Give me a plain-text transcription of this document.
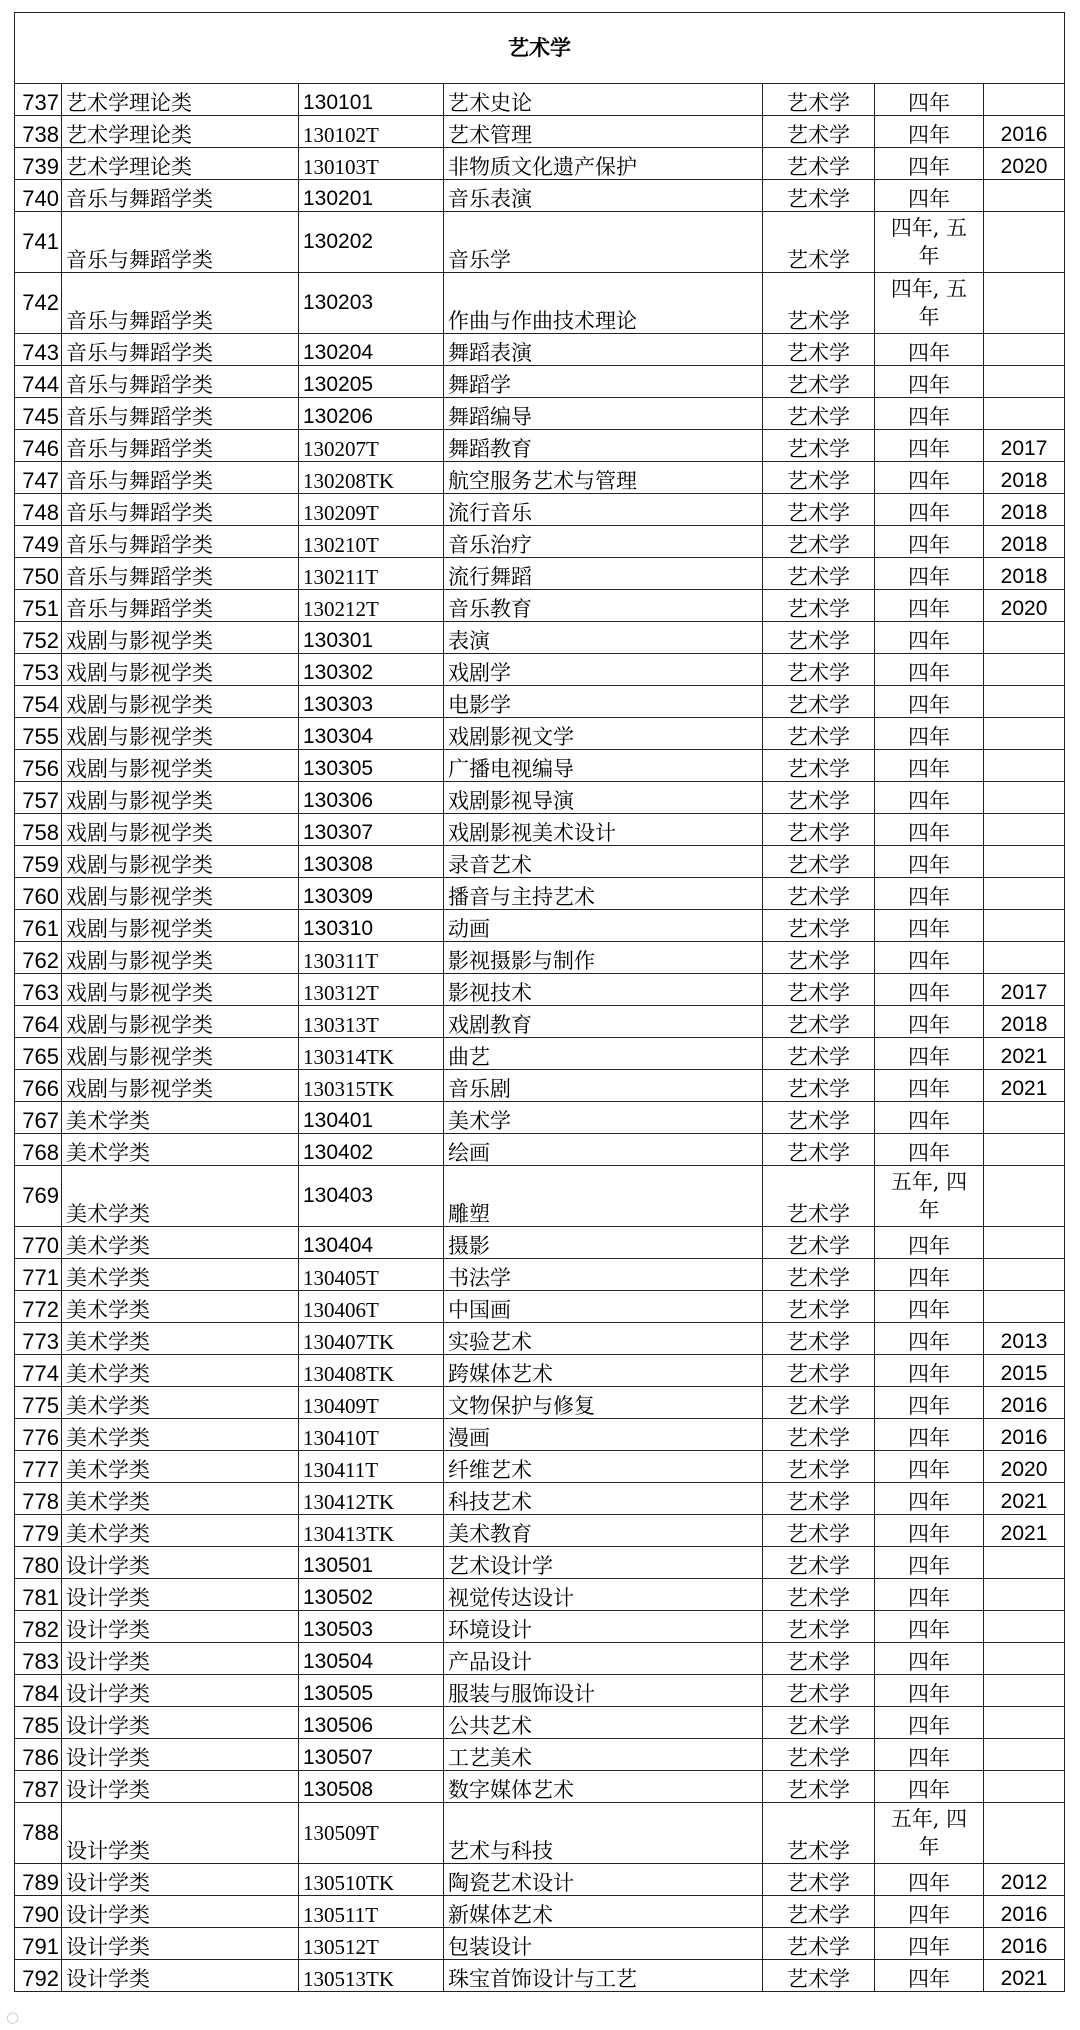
艺术学						
737	艺术学理论类	130101	艺术史论	艺术学	四年	
738	艺术学理论类	130102T	艺术管理	艺术学	四年	2016
739	艺术学理论类	130103T	非物质文化遗产保护	艺术学	四年	2020
740	音乐与舞蹈学类	130201	音乐表演	艺术学	四年	
741	音乐与舞蹈学类	130202	音乐学	艺术学	四年, 五年	
742	音乐与舞蹈学类	130203	作曲与作曲技术理论	艺术学	四年, 五年	
743	音乐与舞蹈学类	130204	舞蹈表演	艺术学	四年	
744	音乐与舞蹈学类	130205	舞蹈学	艺术学	四年	
745	音乐与舞蹈学类	130206	舞蹈编导	艺术学	四年	
746	音乐与舞蹈学类	130207T	舞蹈教育	艺术学	四年	2017
747	音乐与舞蹈学类	130208TK	航空服务艺术与管理	艺术学	四年	2018
748	音乐与舞蹈学类	130209T	流行音乐	艺术学	四年	2018
749	音乐与舞蹈学类	130210T	音乐治疗	艺术学	四年	2018
750	音乐与舞蹈学类	130211T	流行舞蹈	艺术学	四年	2018
751	音乐与舞蹈学类	130212T	音乐教育	艺术学	四年	2020
752	戏剧与影视学类	130301	表演	艺术学	四年	
753	戏剧与影视学类	130302	戏剧学	艺术学	四年	
754	戏剧与影视学类	130303	电影学	艺术学	四年	
755	戏剧与影视学类	130304	戏剧影视文学	艺术学	四年	
756	戏剧与影视学类	130305	广播电视编导	艺术学	四年	
757	戏剧与影视学类	130306	戏剧影视导演	艺术学	四年	
758	戏剧与影视学类	130307	戏剧影视美术设计	艺术学	四年	
759	戏剧与影视学类	130308	录音艺术	艺术学	四年	
760	戏剧与影视学类	130309	播音与主持艺术	艺术学	四年	
761	戏剧与影视学类	130310	动画	艺术学	四年	
762	戏剧与影视学类	130311T	影视摄影与制作	艺术学	四年	
763	戏剧与影视学类	130312T	影视技术	艺术学	四年	2017
764	戏剧与影视学类	130313T	戏剧教育	艺术学	四年	2018
765	戏剧与影视学类	130314TK	曲艺	艺术学	四年	2021
766	戏剧与影视学类	130315TK	音乐剧	艺术学	四年	2021
767	美术学类	130401	美术学	艺术学	四年	
768	美术学类	130402	绘画	艺术学	四年	
769	美术学类	130403	雕塑	艺术学	五年, 四年	
770	美术学类	130404	摄影	艺术学	四年	
771	美术学类	130405T	书法学	艺术学	四年	
772	美术学类	130406T	中国画	艺术学	四年	
773	美术学类	130407TK	实验艺术	艺术学	四年	2013
774	美术学类	130408TK	跨媒体艺术	艺术学	四年	2015
775	美术学类	130409T	文物保护与修复	艺术学	四年	2016
776	美术学类	130410T	漫画	艺术学	四年	2016
777	美术学类	130411T	纤维艺术	艺术学	四年	2020
778	美术学类	130412TK	科技艺术	艺术学	四年	2021
779	美术学类	130413TK	美术教育	艺术学	四年	2021
780	设计学类	130501	艺术设计学	艺术学	四年	
781	设计学类	130502	视觉传达设计	艺术学	四年	
782	设计学类	130503	环境设计	艺术学	四年	
783	设计学类	130504	产品设计	艺术学	四年	
784	设计学类	130505	服装与服饰设计	艺术学	四年	
785	设计学类	130506	公共艺术	艺术学	四年	
786	设计学类	130507	工艺美术	艺术学	四年	
787	设计学类	130508	数字媒体艺术	艺术学	四年	
788	设计学类	130509T	艺术与科技	艺术学	五年, 四年	
789	设计学类	130510TK	陶瓷艺术设计	艺术学	四年	2012
790	设计学类	130511T	新媒体艺术	艺术学	四年	2016
791	设计学类	130512T	包装设计	艺术学	四年	2016
792	设计学类	130513TK	珠宝首饰设计与工艺	艺术学	四年	2021
○
